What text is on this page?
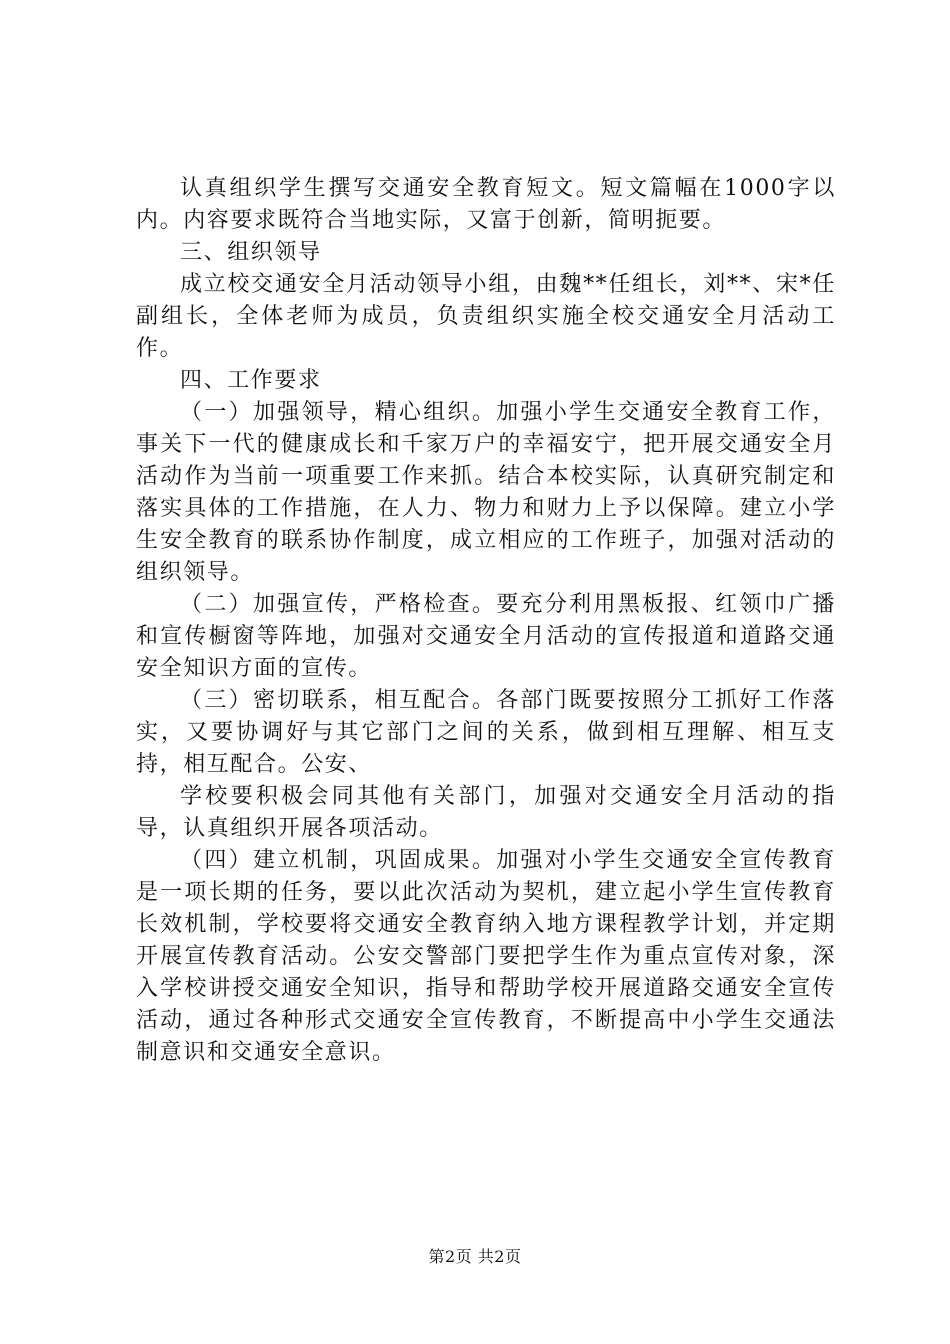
认真组织学生撰写交通安全教育短文。短文篇幅在1000字以内。内容要求既符合当地实际，又富于创新，简明扼要。

三、组织领导

成立校交通安全月活动领导小组，由魏**任组长，刘**、宋*任副组长，全体老师为成员，负责组织实施全校交通安全月活动工作。

四、工作要求

（一）加强领导，精心组织。加强小学生交通安全教育工作，事关下一代的健康成长和千家万户的幸福安宁，把开展交通安全月活动作为当前一项重要工作来抓。结合本校实际，认真研究制定和落实具体的工作措施，在人力、物力和财力上予以保障。建立小学生安全教育的联系协作制度，成立相应的工作班子，加强对活动的组织领导。

（二）加强宣传，严格检查。要充分利用黑板报、红领巾广播和宣传橱窗等阵地，加强对交通安全月活动的宣传报道和道路交通安全知识方面的宣传。

（三）密切联系，相互配合。各部门既要按照分工抓好工作落实，又要协调好与其它部门之间的关系，做到相互理解、相互支持，相互配合。公安、

学校要积极会同其他有关部门，加强对交通安全月活动的指导，认真组织开展各项活动。

（四）建立机制，巩固成果。加强对小学生交通安全宣传教育是一项长期的任务，要以此次活动为契机，建立起小学生宣传教育长效机制，学校要将交通安全教育纳入地方课程教学计划，并定期开展宣传教育活动。公安交警部门要把学生作为重点宣传对象，深入学校讲授交通安全知识，指导和帮助学校开展道路交通安全宣传活动，通过各种形式交通安全宣传教育，不断提高中小学生交通法制意识和交通安全意识。

第2页 共2页
